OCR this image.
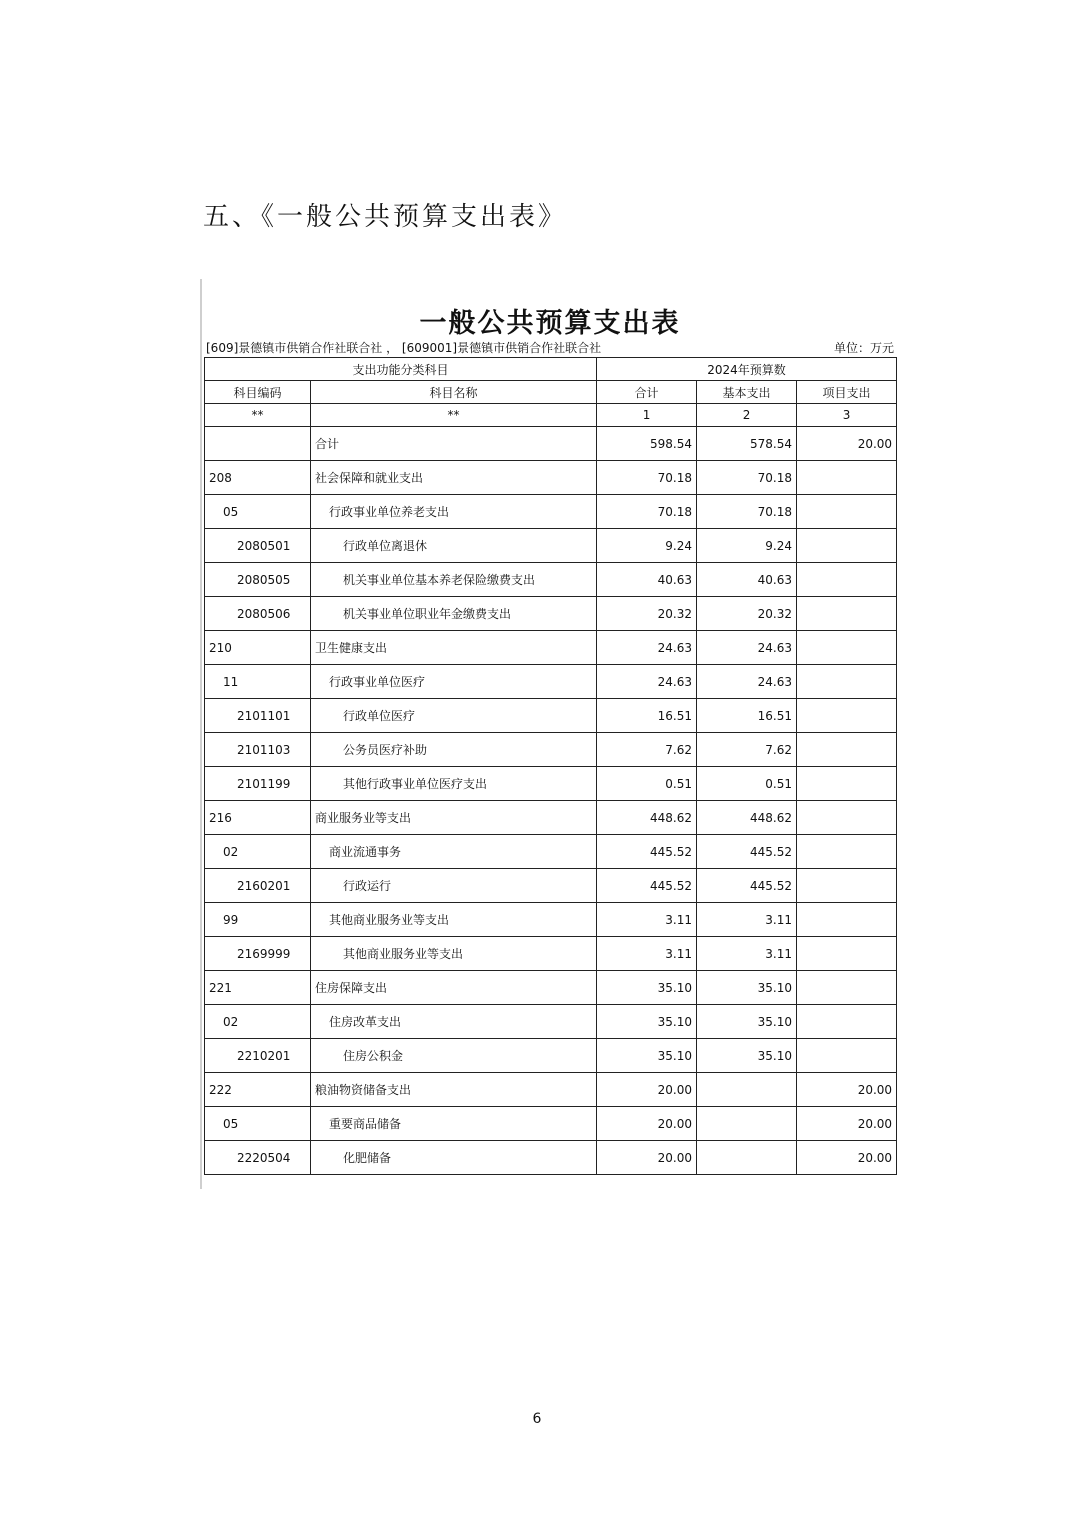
五、《一般公共预算支出表》
一般公共预算支出表
[609]景德镇市供销合作社联合社 ， [609001]景德镇市供销合作社联合社	单位：万元
支出功能分类科目		2024年预算数		
科目编码	科目名称	合计	基本支出	项目支出
**	**	1	2	3
	合计	598.54	578.54	20.00
208	社会保障和就业支出	70.18	70.18	
05	行政事业单位养老支出	70.18	70.18	
2080501	行政单位离退休	9.24	9.24	
2080505	机关事业单位基本养老保险缴费支出	40.63	40.63	
2080506	机关事业单位职业年金缴费支出	20.32	20.32	
210	卫生健康支出	24.63	24.63	
11	行政事业单位医疗	24.63	24.63	
2101101	行政单位医疗	16.51	16.51	
2101103	公务员医疗补助	7.62	7.62	
2101199	其他行政事业单位医疗支出	0.51	0.51	
216	商业服务业等支出	448.62	448.62	
02	商业流通事务	445.52	445.52	
2160201	行政运行	445.52	445.52	
99	其他商业服务业等支出	3.11	3.11	
2169999	其他商业服务业等支出	3.11	3.11	
221	住房保障支出	35.10	35.10	
02	住房改革支出	35.10	35.10	
2210201	住房公积金	35.10	35.10	
222	粮油物资储备支出	20.00		20.00
05	重要商品储备	20.00		20.00
2220504	化肥储备	20.00		20.00
6
